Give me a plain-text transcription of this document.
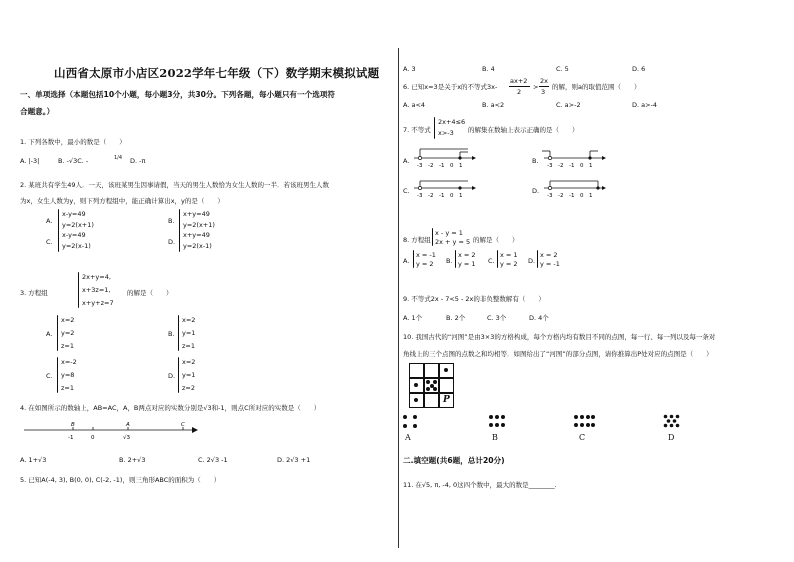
山西省太原市小店区2022学年七年级（下）数学期末模拟试题
一、单项选择（本题包括10个小题，每小题3分，共30分。下列各题，每小题只有一个选项符
合题意。）
1. 下列各数中，最小的数是（　　）
A. |-3|	B. -√3C. -	1/4 D. -π
2. 某班共有学生49人．一天，该班某男生因事请假，当天的男生人数恰为女生人数的一半．若该班男生人数
为x，女生人数为y，则下列方程组中，能正确计算出x，y的是（　　）
A.
x-y=49
y=2(x+1)	B.
x+y=49
y=2(x+1)
C.
x-y=49
y=2(x-1)	D.
x+y=49
y=2(x-1)
3. 方程组
2x+y=4,
x+3z=1,
x+y+z=7
的解是（　　）
A.
x=2
y=2
z=1
B.
x=2
y=1
z=1
C.
x=-2
y=8
z=1
D.
x=2
y=1
z=2
4. 在如图所示的数轴上，AB=AC，A，B两点对应的实数分别是√3和-1，则点C所对应的实数是（　　）
B	A	C
-1	0	√3
A. 1+√3	B. 2+√3	C. 2√3 -1	D. 2√3 +1
5. 已知A(-4, 3), B(0, 0), C(-2, -1)，则三角形ABC的面积为（　　）
A. 3	B. 4	C. 5	D. 6
6. 已知x=3是关于x的不等式3x-
ax+2
2
>
2x
3
的解，则a的取值范围（　　）
A. a<4	B. a<2	C. a>-2	D. a>-4
7. 不等式
2x+4≤6
x>-3 的解集在数轴上表示正确的是（　　）
A.
-3 -2 -1 0 1
B.
-3 -2 -1 0 1
C.
-3 -2 -1 0 1
D.
-3 -2 -1 0 1
8. 方程组
x - y = 1
2x + y = 5 的解是（　　）
A.
x = -1
y = 2 B.
x = 2
y = 1 C.
x = 1
y = 2 D.
x = 2
y = -1
9. 不等式2x - 7<5 - 2x的非负整数解有（　　）
A. 1个	B. 2个	C. 3个	D. 4个
10. 我国古代的“河图”是由3×3的方格构成，每个方格内均有数目不同的点图，每一行、每一列以及每一条对
角线上的三个点图的点数之和均相等．如图给出了“河图”的部分点图，请你推算出P处对应的点图是（　　）
P
A	B	C	D
二.填空题(共6题，总计20分)
11. 在√5, π, -4, 0这四个数中，最大的数是________.
